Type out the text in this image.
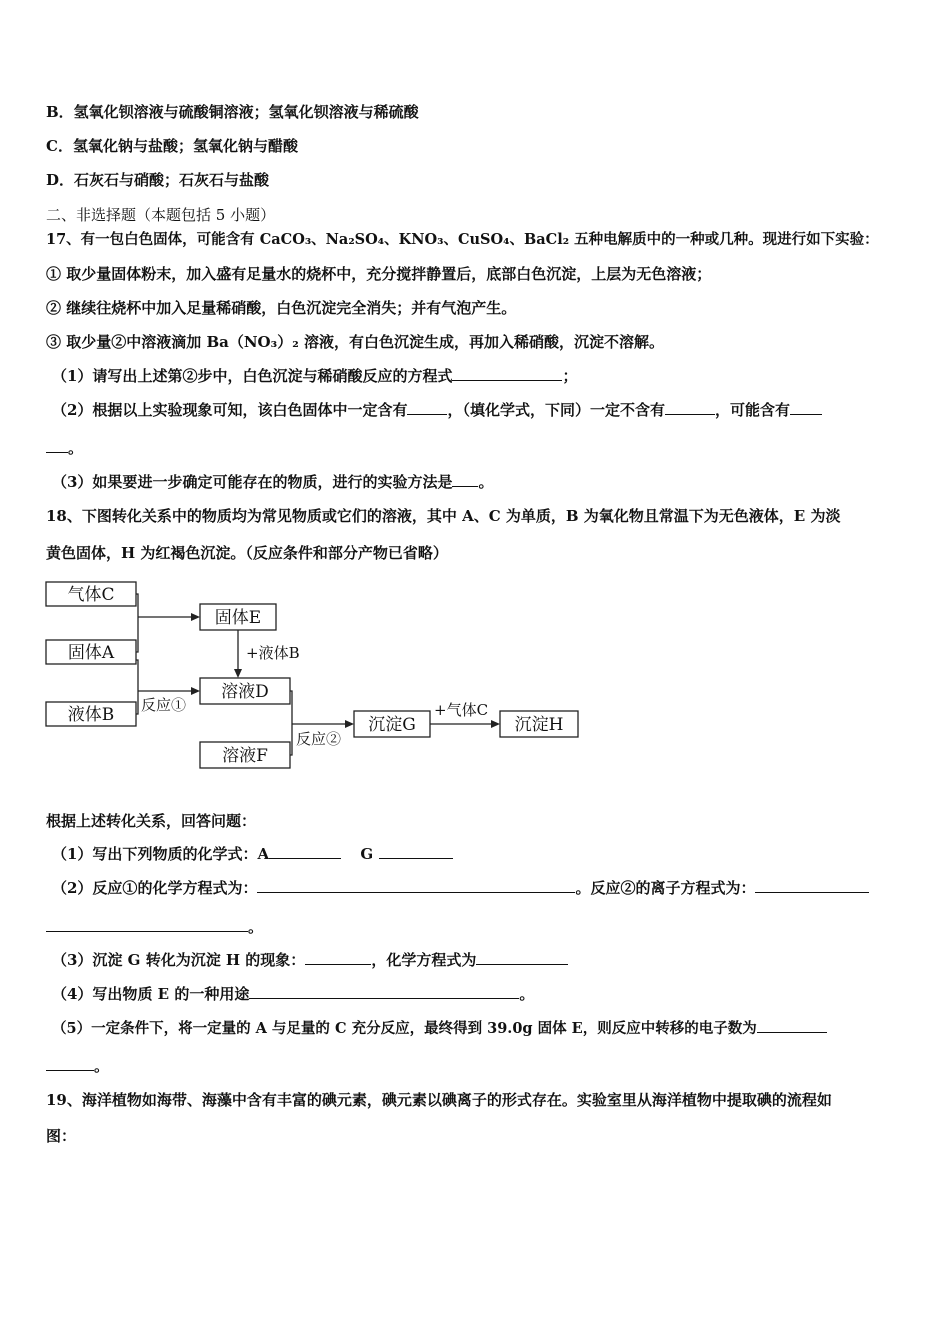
B．氢氧化钡溶液与硫酸铜溶液；氢氧化钡溶液与稀硫酸
C．氢氧化钠与盐酸；氢氧化钠与醋酸
D．石灰石与硝酸；石灰石与盐酸
二、非选择题（本题包括 5 小题）
17、有一包白色固体，可能含有 CaCO₃、Na₂SO₄、KNO₃、CuSO₄、BaCl₂ 五种电解质中的一种或几种。现进行如下实验：
① 取少量固体粉末，加入盛有足量水的烧杯中，充分搅拌静置后，底部白色沉淀，上层为无色溶液；
② 继续往烧杯中加入足量稀硝酸，白色沉淀完全消失；并有气泡产生。
③ 取少量②中溶液滴加 Ba（NO₃）₂ 溶液，有白色沉淀生成，再加入稀硝酸，沉淀不溶解。
（1）请写出上述第②步中，白色沉淀与稀硝酸反应的方程式	；
（2）根据以上实验现象可知，该白色固体中一定含有	，（填化学式，下同）一定不含有	，可能含有
。
（3）如果要进一步确定可能存在的物质，进行的实验方法是 。
18、下图转化关系中的物质均为常见物质或它们的溶液，其中 A、C 为单质，B 为氧化物且常温下为无色液体，E 为淡
黄色固体，H 为红褐色沉淀。（反应条件和部分产物已省略）
气体C
固体A
液体B
固体E
溶液D
溶液F
沉淀G	沉淀H
+液体B
反应①
反应②
+气体C
根据上述转化关系，回答问题：
（1）写出下列物质的化学式：A	G
（2）反应①的化学方程式为：	。反应②的离子方程式为：
。
（3）沉淀 G 转化为沉淀 H 的现象：	，化学方程式为
（4）写出物质 E 的一种用途	。
（5）一定条件下，将一定量的 A 与足量的 C 充分反应，最终得到 39.0g 固体 E，则反应中转移的电子数为
。
19、海洋植物如海带、海藻中含有丰富的碘元素，碘元素以碘离子的形式存在。实验室里从海洋植物中提取碘的流程如
图：
